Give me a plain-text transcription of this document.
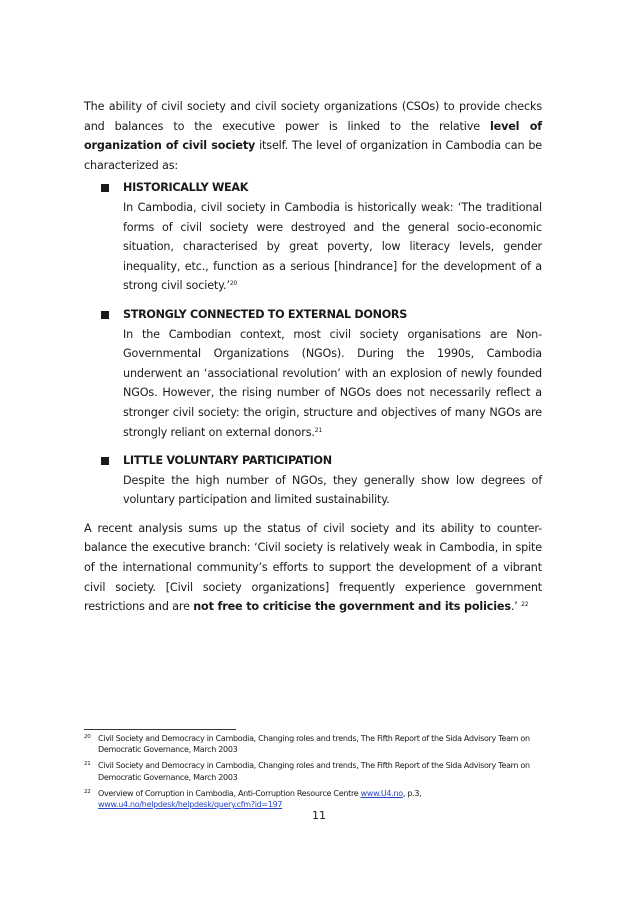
The ability of civil society and civil society organizations (CSOs) to provide checks and balances to the executive power is linked to the relative level of organization of civil society itself. The level of organization in Cambodia can be characterized as:

HISTORICALLY WEAK
In Cambodia, civil society in Cambodia is historically weak: ‘The traditional forms of civil society were destroyed and the general socio-economic situation, characterised by great poverty, low literacy levels, gender inequality, etc., function as a serious [hindrance] for the development of a strong civil society.’$^{20}$
STRONGLY CONNECTED TO EXTERNAL DONORS
In the Cambodian context, most civil society organisations are Non-Governmental Organizations (NGOs). During the 1990s, Cambodia underwent an ‘associational revolution’ with an explosion of newly founded NGOs. However, the rising number of NGOs does not necessarily reflect a stronger civil society: the origin, structure and objectives of many NGOs are strongly reliant on external donors.$^{21}$
LITTLE VOLUNTARY PARTICIPATION
Despite the high number of NGOs, they generally show low degrees of voluntary participation and limited sustainability.

A recent analysis sums up the status of civil society and its ability to counter-balance the executive branch: ‘Civil society is relatively weak in Cambodia, in spite of the international community’s efforts to support the development of a vibrant civil society. [Civil society organizations] frequently experience government restrictions and are not free to criticise the government and its policies.’ $^{22}$

20 Civil Society and Democracy in Cambodia, Changing roles and trends, The Fifth Report of the Sida Advisory Team on Democratic Governance, March 2003
21 Civil Society and Democracy in Cambodia, Changing roles and trends, The Fifth Report of the Sida Advisory Team on Democratic Governance, March 2003
22 Overview of Corruption in Cambodia, Anti-Corruption Resource Centre www.U4.no, p.3, www.u4.no/helpdesk/helpdesk/query.cfm?id=197
11
